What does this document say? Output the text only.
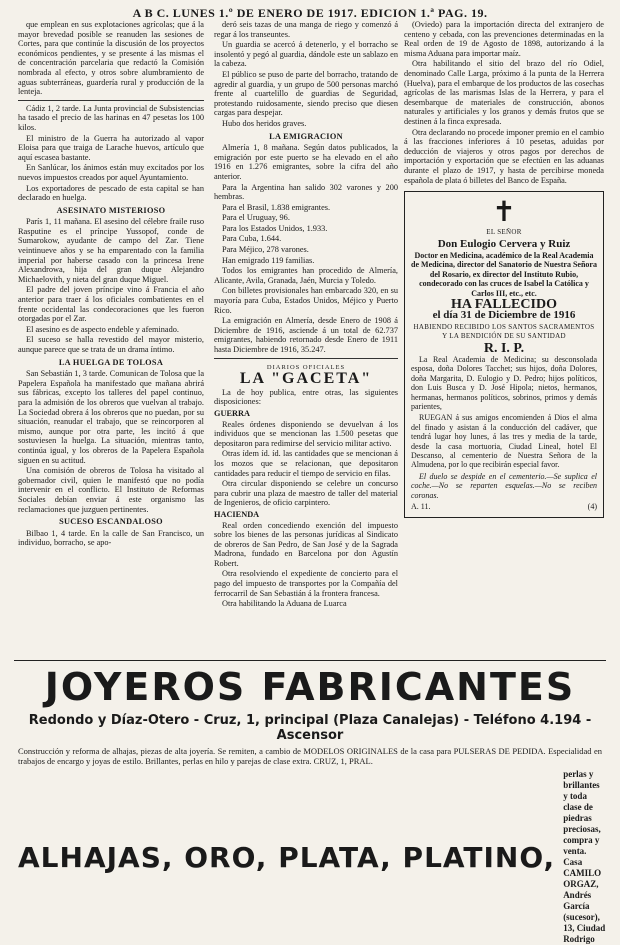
A B C. LUNES 1.º DE ENERO DE 1917. EDICION 1.ª PAG. 19.

que emplean en sus explotaciones agrícolas; que á la mayor brevedad posible se reanuden las sesiones de Cortes, para que continúe la discusión de los proyectos económicos pendientes, y se presente á las mismas el de concentración parcelaria que redactó la Comisión nombrada al efecto, y otros sobre alumbramiento de aguas subterráneas, guardería rural y producción de la lenteja.

Cádiz 1, 2 tarde. La Junta provincial de Subsistencias ha tasado el precio de las harinas en 47 pesetas los 100 kilos.

El ministro de la Guerra ha autorizado al vapor Eloisa para que traiga de Larache huevos, artículo que aquí escasea bastante.

En Sanlúcar, los ánimos están muy excitados por los nuevos impuestos creados por aquel Ayuntamiento.

Los exportadores de pescado de esta capital se han declarado en huelga.

ASESINATO MISTERIOSO

París 1, 11 mañana. El asesino del célebre fraile ruso Rasputine es el príncipe Yussopof, conde de Sumarokow, ayudante de campo del Zar. Tiene veintinueve años y se ha emparentado con la familia imperial por haberse casado con la princesa Irene Alexandrowa, hija del gran duque Alejandro Michaelovith, y nieta del gran duque Miguel.

El padre del joven príncipe vino á Francia el año anterior para traer á los oficiales combatientes en el frente occidental las condecoraciones que les fueron otorgadas por el Zar.

El asesino es de aspecto endeble y afeminado.

El suceso se halla revestido del mayor misterio, aunque parece que se trata de un drama íntimo.

LA HUELGA DE TOLOSA

San Sebastián 1, 3 tarde. Comunican de Tolosa que la Papelera Española ha manifestado que mañana abrirá sus fábricas, excepto los talleres del papel continuo, para la admisión de los obreros que vuelvan al trabajo. La Sociedad obrera á los obreros que no puedan, por su situación, reanudar el trabajo, que se reincorporen al mismo, aunque por otra parte, les incitó á que sostuviesen la huelga. La situación, mientras tanto, continúa igual, y los obreros de la Papelera Española siguen en su actitud.

Una comisión de obreros de Tolosa ha visitado al gobernador civil, quien le manifestó que no podía intervenir en el conflicto. El Instituto de Reformas Sociales debían enviar á este organismo las reclamaciones que juzguen pertinentes.

SUCESO ESCANDALOSO

Bilbao 1, 4 tarde. En la calle de San Francisco, un individuo, borracho, se apo-

deró seis tazas de una manga de riego y comenzó á regar á los transeuntes.

Un guardia se acercó á detenerlo, y el borracho se insolentó y pegó al guardia, dándole este un sablazo en la cabeza.

El público se puso de parte del borracho, tratando de agredir al guardia, y un grupo de 500 personas marchó frente al cuartelillo de guardias de Seguridad, protestando ruidosamente, siendo preciso que diesen cargas para despejar.

Hubo dos heridos graves.

LA EMIGRACION

Almería 1, 8 mañana. Según datos publicados, la emigración por este puerto se ha elevado en el año 1916 en 1.276 emigrantes, sobre la cifra del año anterior.

Para la Argentina han salido 302 varones y 200 hembras.

Para el Brasil, 1.838 emigrantes.

Para el Uruguay, 96.

Para los Estados Unidos, 1.933.

Para Cuba, 1.644.

Para Méjico, 278 varones.

Han emigrado 119 familias.

Todos los emigrantes han procedido de Almería, Alicante, Avila, Granada, Jaén, Murcia y Toledo.

Con billetes provisionales han embarcado 320, en su mayoría para Cuba, Estados Unidos, Méjico y Puerto Rico.

La emigración en Almería, desde Enero de 1908 á Diciembre de 1916, asciende á un total de 62.737 emigrantes, habiendo retornado desde Enero de 1911 hasta Diciembre de 1916, 35.247.

DIARIOS OFICIALES
LA "GACETA"

La de hoy publica, entre otras, las siguientes disposiciones:

GUERRA

Reales órdenes disponiendo se devuelvan á los individuos que se mencionan las 1.500 pesetas que depositaron para redimirse del servicio militar activo.

Otras ídem íd. íd. las cantidades que se mencionan á los mozos que se relacionan, que depositaron cantidades para reducir el tiempo de servicio en filas.

Otra circular disponiendo se celebre un concurso para cubrir una plaza de maestro de taller del material de Ingenieros, de oficio carpintero.

HACIENDA

Real orden concediendo exención del impuesto sobre los bienes de las personas jurídicas al Sindicato de obreros de San Pedro, de San José y de la Sagrada Madrona, fundado en Barcelona por don Agustín Robert.

Otra resolviendo el expediente de concierto para el pago del impuesto de transportes por la Compañía del ferrocarril de San Sebastián á la frontera francesa.

Otra habilitando la Aduana de Luarca

(Oviedo) para la importación directa del extranjero de centeno y cebada, con las prevenciones determinadas en la Real orden de 19 de Agosto de 1898, autorizando á la misma Aduana para importar maíz.

Otra habilitando el sitio del brazo del río Odiel, denominado Calle Larga, próximo á la punta de la Herrera (Huelva), para el embarque de los productos de las cosechas agrícolas de las marismas Islas de la Herrera, y para el desembarque de materiales de construcción, abonos naturales y artificiales y los granos y demás frutos que se destinen á la finca expresada.

Otra declarando no procede imponer premio en el cambio á las fracciones inferiores á 10 pesetas, aduidas por deducción de viajeros y otros pagos por derechos de importación y exportación que se efectúen en las aduanas durante el plazo de 1917, y hasta de percibirse moneda española de plata ó billetes del Banco de España.

✝
EL SEÑOR
Don Eulogio Cervera y Ruiz
Doctor en Medicina, académico de la Real Academia de Medicina, director del Sanatorio de Nuestra Señora del Rosario, ex director del Instituto Rubio, condecorado con las cruces de Isabel la Católica y Carlos III, etc., etc.
HA FALLECIDO
el día 31 de Diciembre de 1916
HABIENDO RECIBIDO LOS SANTOS SACRAMENTOS Y LA BENDICIÓN DE SU SANTIDAD
R. I. P.

La Real Academia de Medicina; su desconsolada esposa, doña Dolores Tacchet; sus hijos, doña Dolores, doña Margarita, D. Eulogio y D. Pedro; hijos políticos, don Luis Busca y D. José Hipola; nietos, hermanos, hermanas, hermanos políticos, sobrinos, primos y demás parientes,

RUEGAN á sus amigos encomienden á Dios el alma del finado y asistan á la conducción del cadáver, que tendrá lugar hoy lunes, á las tres y media de la tarde, desde la casa mortuoria, Ciudad Lineal, hotel El Descanso, al cementerio de Nuestra Señora de la Almudena, por lo que recibirán especial favor.

El duelo se despide en el cementerio.—Se suplica el coche.—No se reparten esquelas.—No se reciben coronas.

A. 11.	(4)
JOYEROS FABRICANTES
Redondo y Díaz-Otero - Cruz, 1, principal (Plaza Canalejas) - Teléfono 4.194 - Ascensor
Construcción y reforma de alhajas, piezas de alta joyería. Se remiten, a cambio de MODELOS ORIGINALES de la casa para PULSERAS DE PEDIDA. Especialidad en trabajos de encargo y joyas de estilo. Brillantes, perlas en hilo y parejas de clase extra. CRUZ, 1, PRAL.
ALHAJAS, ORO, PLATA, PLATINO,
perlas y brillantes y toda clase de piedras preciosas, compra y venta. Casa CAMILO ORGAZ, Andrés García (sucesor), 13, Ciudad Rodrigo
